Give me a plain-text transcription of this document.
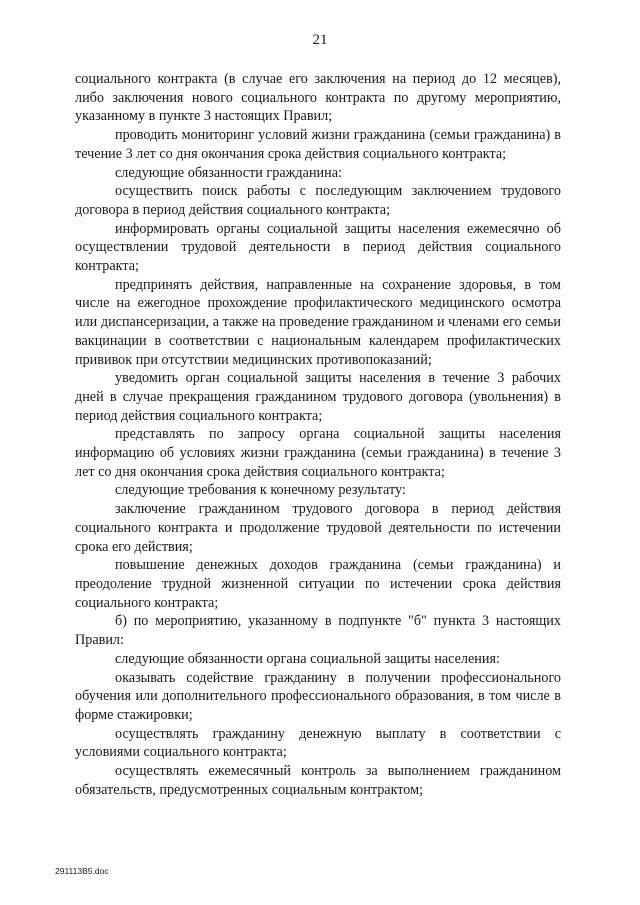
21

социального контракта (в случае его заключения на период до 12 месяцев), либо заключения нового социального контракта по другому мероприятию, указанному в пункте 3 настоящих Правил;

проводить мониторинг условий жизни гражданина (семьи гражданина) в течение 3 лет со дня окончания срока действия социального контракта;

следующие обязанности гражданина:

осуществить поиск работы с последующим заключением трудового договора в период действия социального контракта;

информировать органы социальной защиты населения ежемесячно об осуществлении трудовой деятельности в период действия социального контракта;

предпринять действия, направленные на сохранение здоровья, в том числе на ежегодное прохождение профилактического медицинского осмотра или диспансеризации, а также на проведение гражданином и членами его семьи вакцинации в соответствии с национальным календарем профилактических прививок при отсутствии медицинских противопоказаний;

уведомить орган социальной защиты населения в течение 3 рабочих дней в случае прекращения гражданином трудового договора (увольнения) в период действия социального контракта;

представлять по запросу органа социальной защиты населения информацию об условиях жизни гражданина (семьи гражданина) в течение 3 лет со дня окончания срока действия социального контракта;

следующие требования к конечному результату:

заключение гражданином трудового договора в период действия социального контракта и продолжение трудовой деятельности по истечении срока его действия;

повышение денежных доходов гражданина (семьи гражданина) и преодоление трудной жизненной ситуации по истечении срока действия социального контракта;

б) по мероприятию, указанному в подпункте "б" пункта 3 настоящих Правил:

следующие обязанности органа социальной защиты населения:

оказывать содействие гражданину в получении профессионального обучения или дополнительного профессионального образования, в том числе в форме стажировки;

осуществлять гражданину денежную выплату в соответствии с условиями социального контракта;

осуществлять ежемесячный контроль за выполнением гражданином обязательств, предусмотренных социальным контрактом;

291113B5.doc
